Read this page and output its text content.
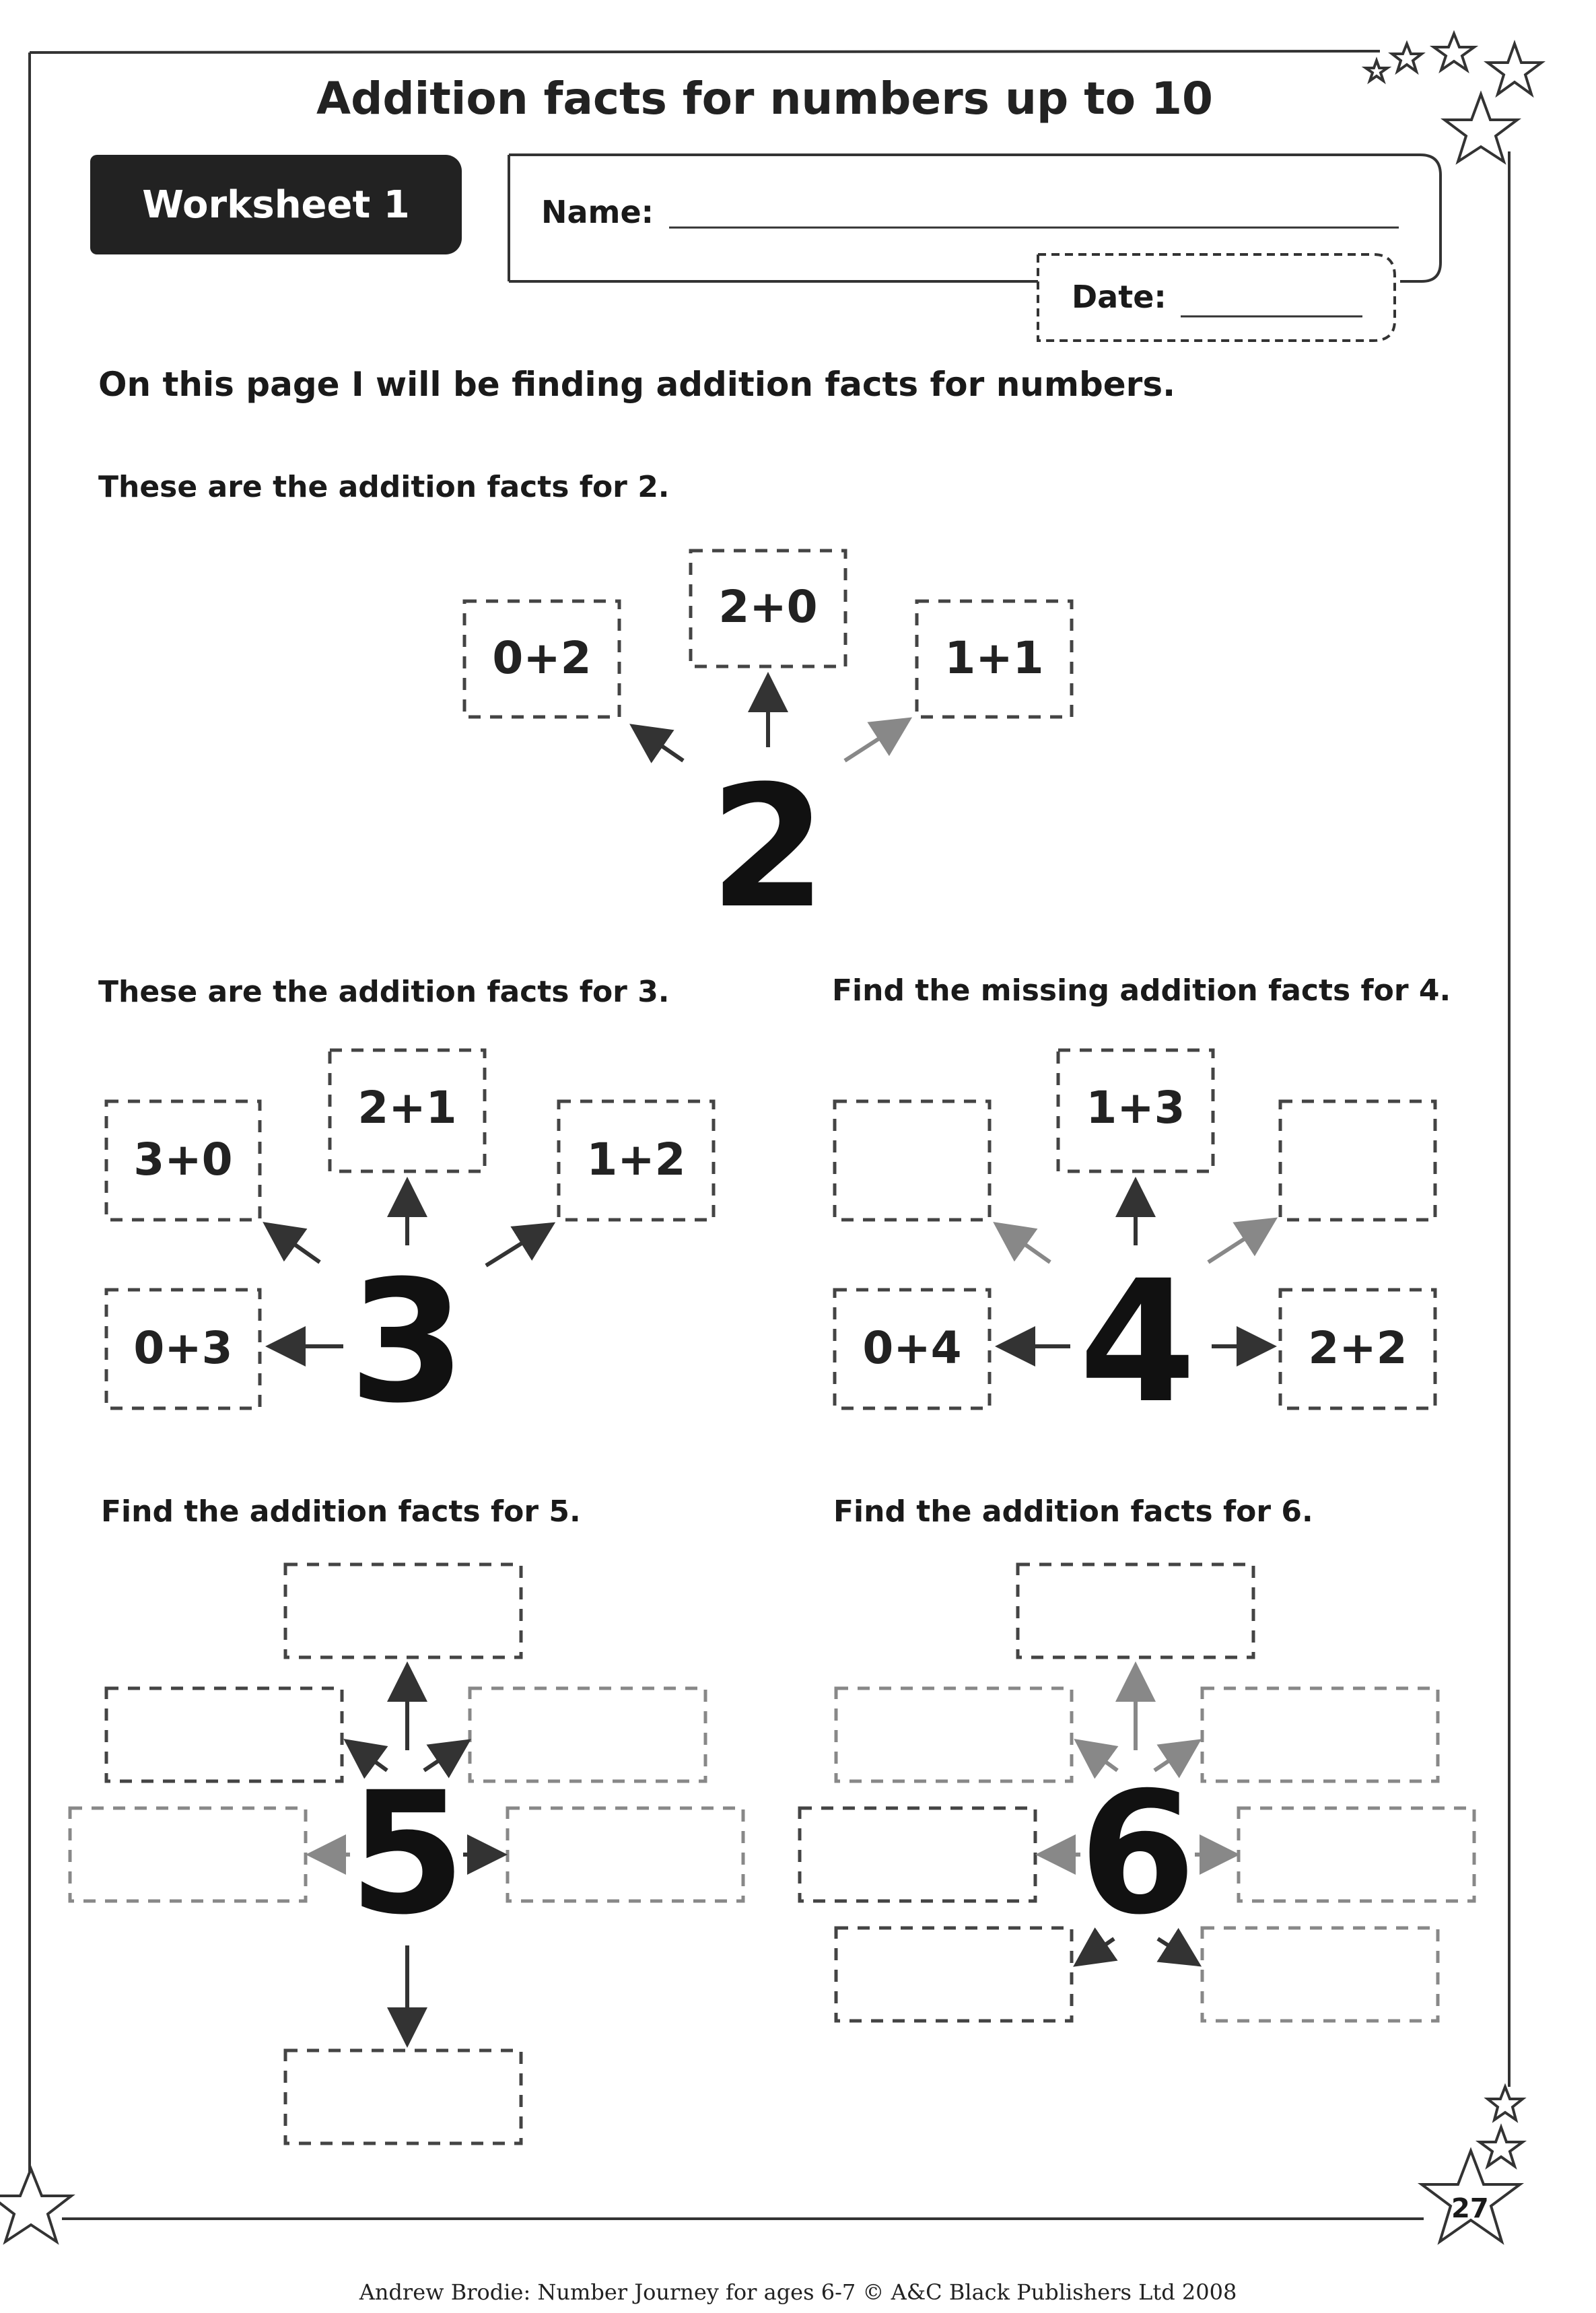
0+2
2+0
1+1
2
3+0
2+1
1+2
0+3 3
1+3
0+4	2+2
4
5	6
Addition facts for numbers up to 10
Worksheet 1	Name:
Date:
On this page I will be finding addition facts for numbers.
These are the addition facts for 2.
These are the addition facts for 3.	Find the missing addition facts for 4.
Find the addition facts for 5.	Find the addition facts for 6.
27
Andrew Brodie: Number Journey for ages 6-7 © A&C Black Publishers Ltd 2008
